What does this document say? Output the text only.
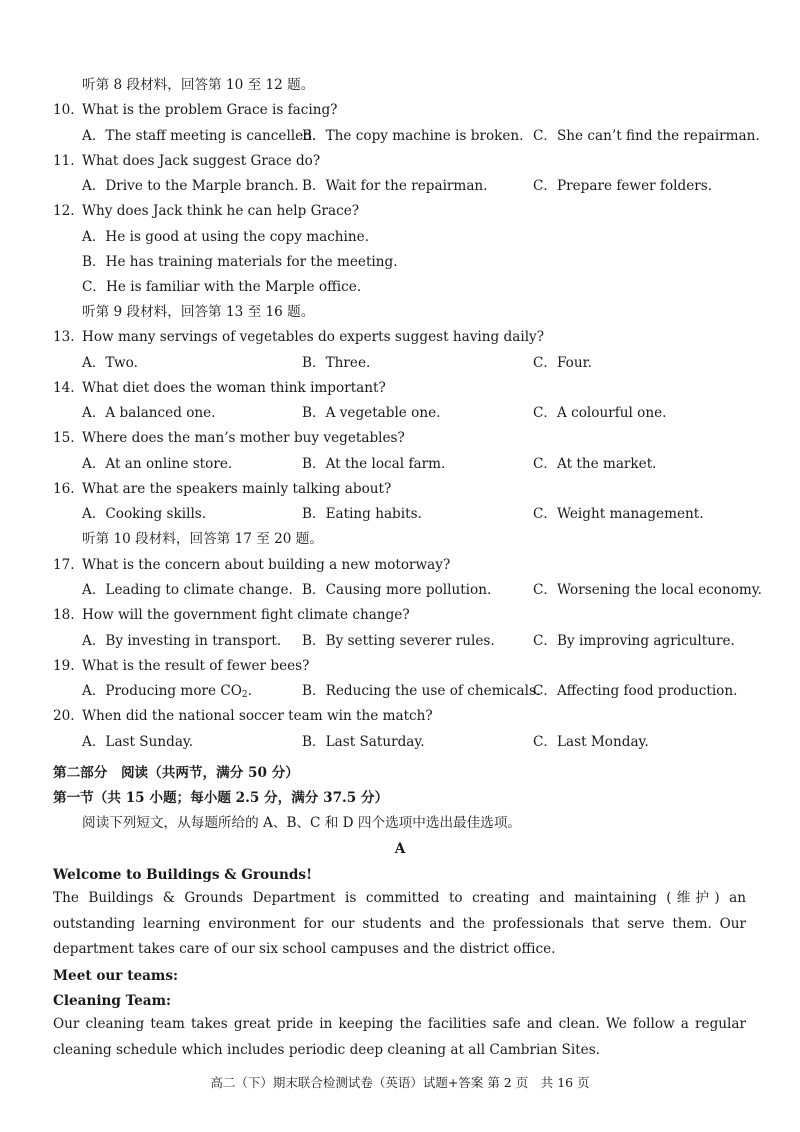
听第 8 段材料，回答第 10 至 12 题。
10. What is the problem Grace is facing?
A．The staff meeting is cancelled.
B．The copy machine is broken. C．She can’t find the repairman.
11. What does Jack suggest Grace do?
A．Drive to the Marple branch. B．Wait for the repairman.	C．Prepare fewer folders.
12. Why does Jack think he can help Grace?
A．He is good at using the copy machine.
B．He has training materials for the meeting.
C．He is familiar with the Marple office.
听第 9 段材料，回答第 13 至 16 题。
13. How many servings of vegetables do experts suggest having daily?
A．Two.	B．Three.	C．Four.
14. What diet does the woman think important?
A．A balanced one.	B．A vegetable one.	C．A colourful one.
15. Where does the man’s mother buy vegetables?
A．At an online store.	B．At the local farm.	C．At the market.
16. What are the speakers mainly talking about?
A．Cooking skills.	B．Eating habits.	C．Weight management.
听第 10 段材料，回答第 17 至 20 题。
17. What is the concern about building a new motorway?
A．Leading to climate change. B．Causing more pollution.	C．Worsening the local economy.
18. How will the government fight climate change?
A．By investing in transport. B．By setting severer rules.	C．By improving agriculture.
19. What is the result of fewer bees?
A．Producing more $CO_2$.	B．Reducing the use of chemicals.
C．Affecting food production.
20. When did the national soccer team win the match?
A．Last Sunday.	B．Last Saturday.	C．Last Monday.
第二部分　阅读（共两节，满分 50 分）
第一节（共 15 小题；每小题 2.5 分，满分 37.5 分）
阅读下列短文，从每题所给的 A、B、C 和 D 四个选项中选出最佳选项。
A
Welcome to Buildings & Grounds!
The Buildings & Grounds Department is committed to creating and maintaining (维护) an outstanding learning environment for our students and the professionals that serve them. Our department takes care of our six school campuses and the district office.
Meet our teams:
Cleaning Team:
Our cleaning team takes great pride in keeping the facilities safe and clean. We follow a regular cleaning schedule which includes periodic deep cleaning at all Cambrian Sites.
高二（下）期末联合检测试卷（英语）试题+答案 第 2 页　共 16 页
